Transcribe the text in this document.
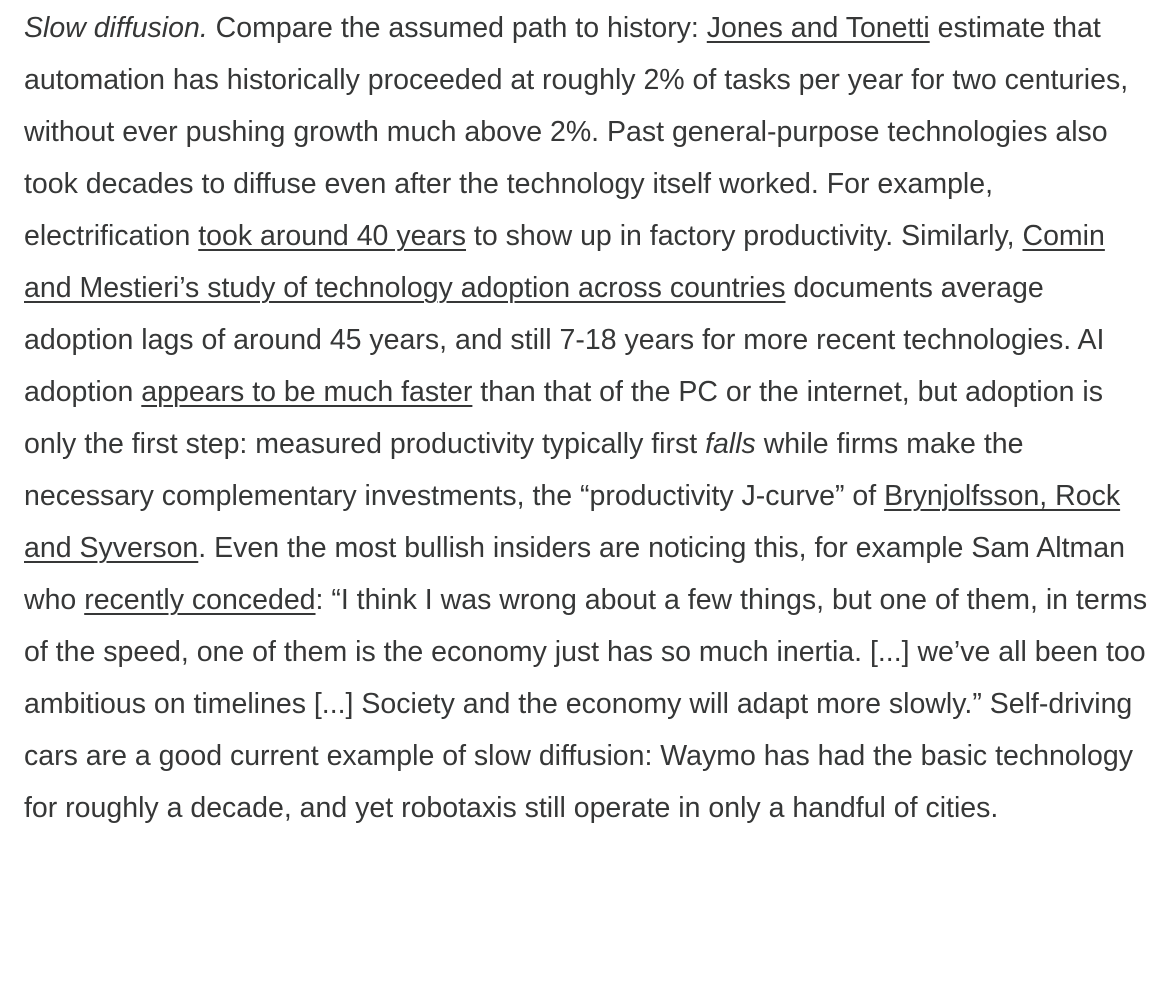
Slow diffusion. Compare the assumed path to history: Jones and Tonetti estimate that automation has historically proceeded at roughly 2% of tasks per year for two centuries, without ever pushing growth much above 2%. Past general-purpose technologies also took decades to diffuse even after the technology itself worked. For example, electrification took around 40 years to show up in factory productivity. Similarly, Comin and Mestieri’s study of technology adoption across countries documents average adoption lags of around 45 years, and still 7-18 years for more recent technologies. AI adoption appears to be much faster than that of the PC or the internet, but adoption is only the first step: measured productivity typically first falls while firms make the necessary complementary investments, the “productivity J-curve” of Brynjolfsson, Rock and Syverson. Even the most bullish insiders are noticing this, for example Sam Altman who recently conceded: “I think I was wrong about a few things, but one of them, in terms of the speed, one of them is the economy just has so much inertia. [...] we’ve all been too ambitious on timelines [...] Society and the economy will adapt more slowly.” Self-driving cars are a good current example of slow diffusion: Waymo has had the basic technology for roughly a decade, and yet robotaxis still operate in only a handful of cities.
